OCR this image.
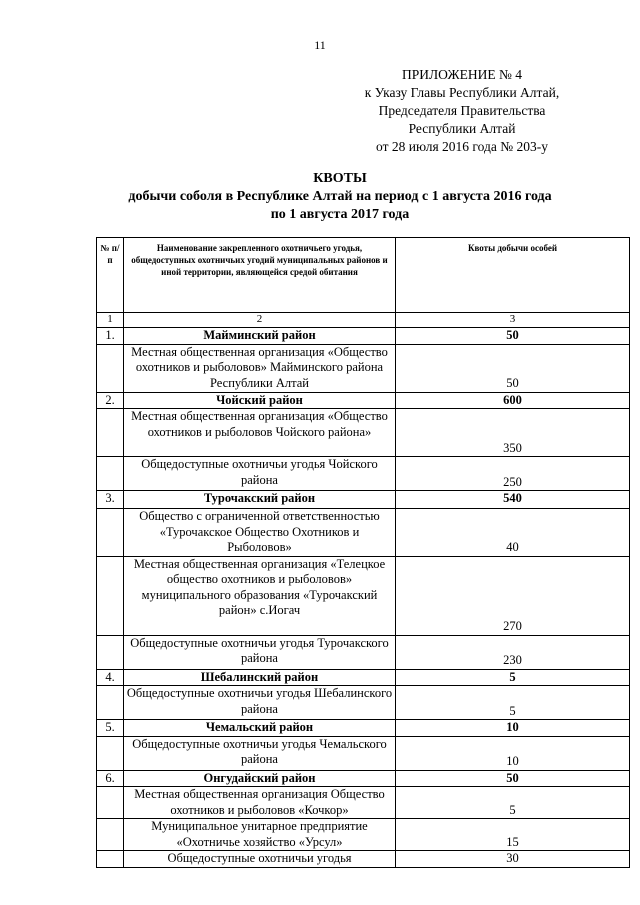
11
ПРИЛОЖЕНИЕ № 4
к Указу Главы Республики Алтай,
Председателя Правительства
Республики Алтай
от 28 июля 2016 года № 203-у
КВОТЫ
добычи соболя в Республике Алтай на период с 1 августа 2016 года
по 1 августа 2017 года
№ п/п	Наименование закрепленного охотничьего угодья, общедоступных охотничьих угодий муниципальных районов и иной территории, являющейся средой обитания	Квоты добычи особей
1	2	3
1.	Майминский район	50
	Местная общественная организация «Общество охотников и рыболовов» Майминского района Республики Алтай	50
2.	Чойский район	600
	Местная общественная организация «Общество охотников и рыболовов Чойского района»	350
	Общедоступные охотничьи угодья Чойского района	250
3.	Турочакский район	540
	Общество с ограниченной ответственностью «Турочакское Общество Охотников и Рыболовов»	40
	Местная общественная организация «Телецкое общество охотников и рыболовов» муниципального образования «Турочакский район» с.Иогач	270
	Общедоступные охотничьи угодья Турочакского района	230
4.	Шебалинский район	5
	Общедоступные охотничьи угодья Шебалинского района	5
5.	Чемальский район	10
	Общедоступные охотничьи угодья Чемальского района	10
6.	Онгудайский район	50
	Местная общественная организация Общество охотников и рыболовов «Кочкор»	5
	Муниципальное унитарное предприятие «Охотничье хозяйство «Урсул»	15
	Общедоступные охотничьи угодья	30
